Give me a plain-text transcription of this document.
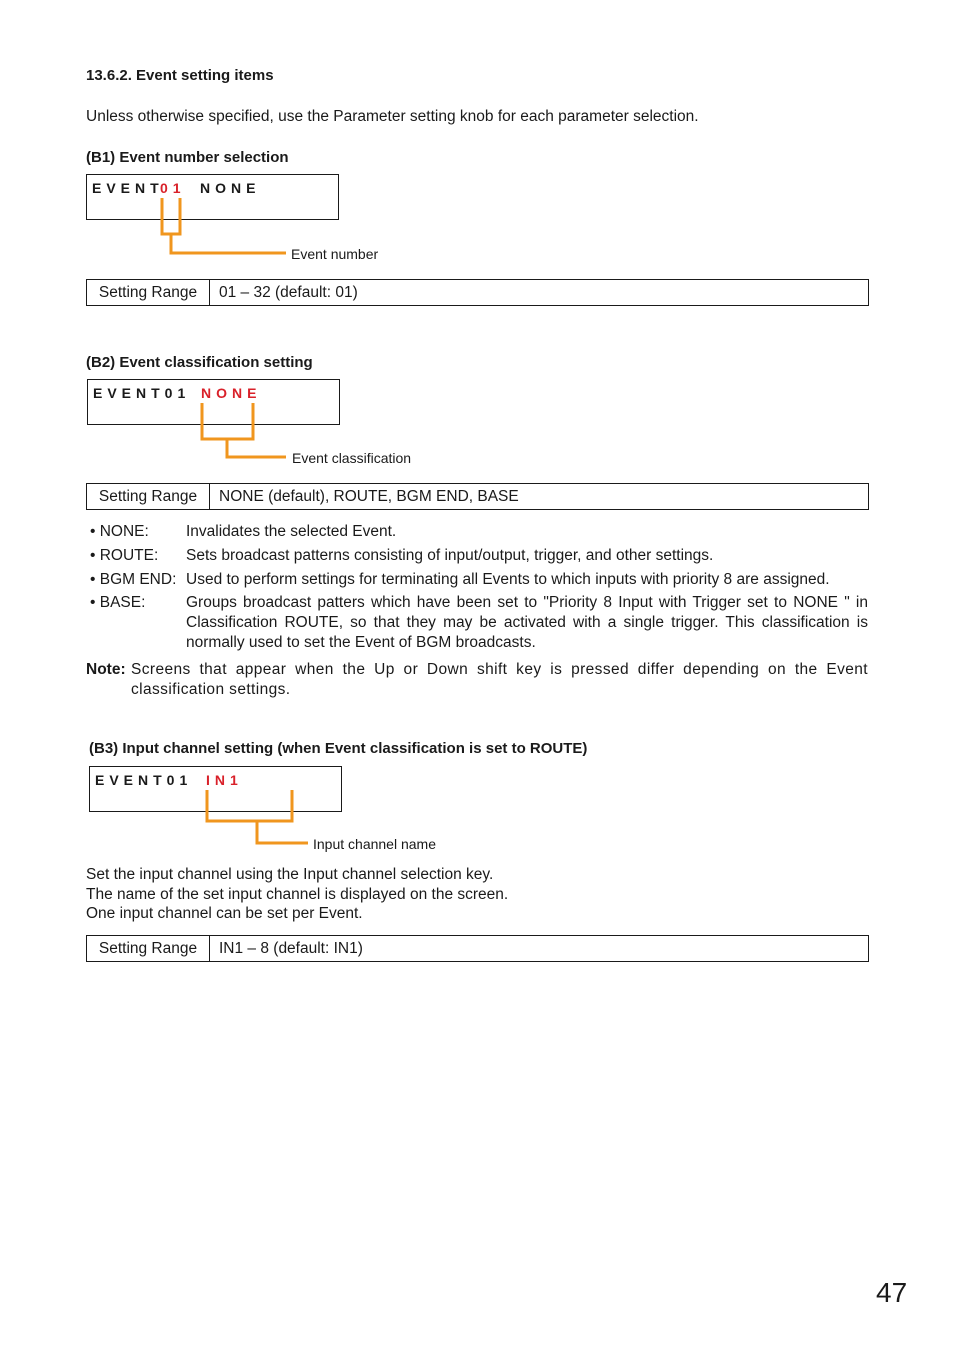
13.6.2. Event setting items
Unless otherwise specified, use the Parameter setting knob for each parameter selection.
(B1) Event number selection
EVENT
01 NONE
Event number
Setting Range	01 – 32 (default: 01)
(B2) Event classification setting
EVENT01 NONE
Event classification
Setting Range	NONE (default), ROUTE, BGM END, BASE
• NONE: Invalidates the selected Event.
• ROUTE: Sets broadcast patterns consisting of input/output, trigger, and other settings.
• BGM END: Used to perform settings for terminating all Events to which inputs with priority 8 are assigned.
• BASE:	Groups broadcast patters which have been set to "Priority 8 Input with Trigger set to NONE " in Classification ROUTE, so that they may be activated with a single trigger. This classification is normally used to set the Event of BGM broadcasts.
Note: Screens that appear when the Up or Down shift key is pressed differ depending on the Event classification settings.
(B3) Input channel setting (when Event classification is set to ROUTE)
EVENT01 IN1
Input channel name
Set the input channel using the Input channel selection key.
The name of the set input channel is displayed on the screen.
One input channel can be set per Event.
Setting Range	IN1 – 8 (default: IN1)
47
